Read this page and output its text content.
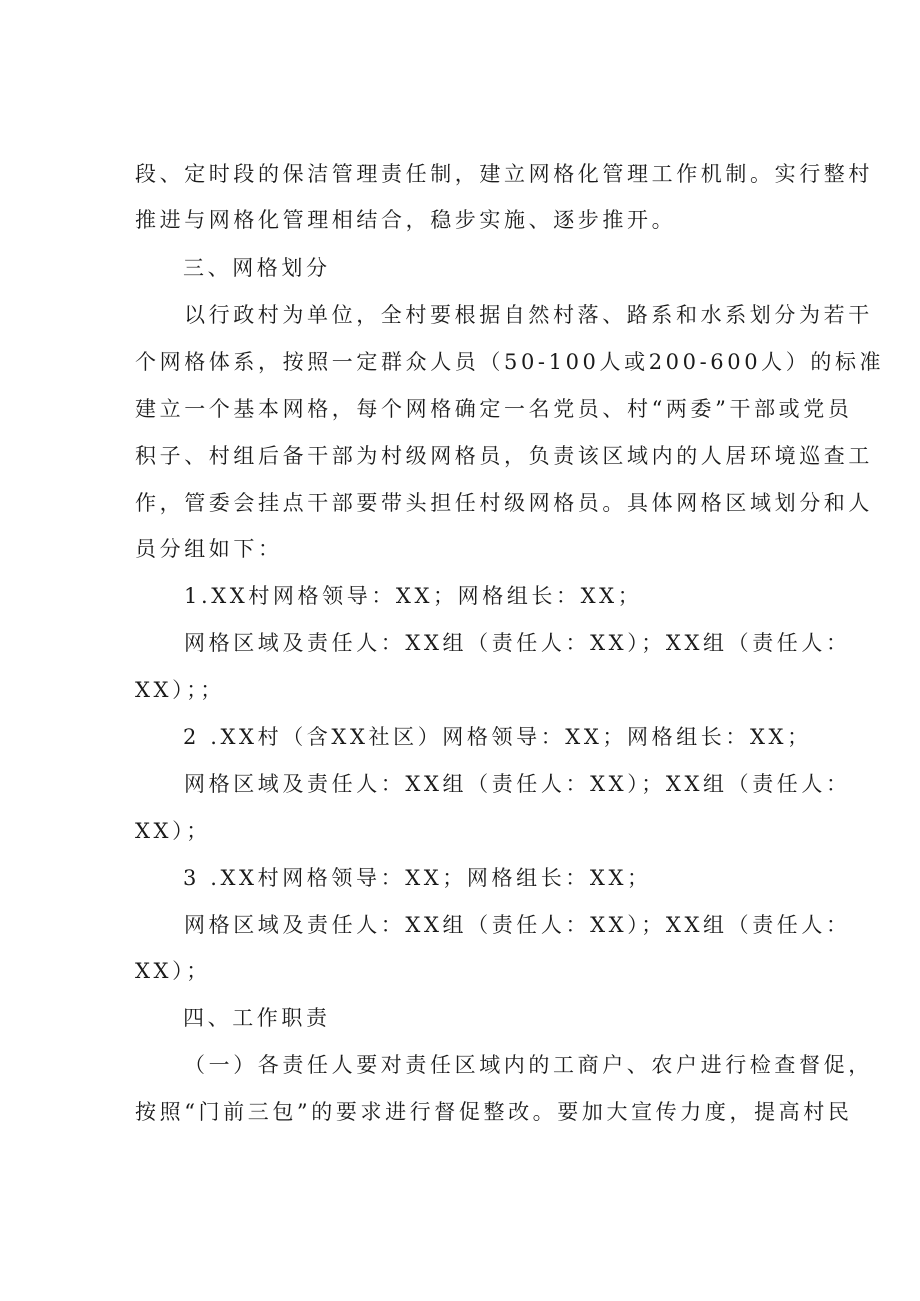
段、定时段的保洁管理责任制，建立网格化管理工作机制。实行整村
推进与网格化管理相结合，稳步实施、逐步推开。
三、网格划分
以行政村为单位，全村要根据自然村落、路系和水系划分为若干
个网格体系，按照一定群众人员（50-100人或200-600人）的标准
建立一个基本网格，每个网格确定一名党员、村“两委”干部或党员
积子、村组后备干部为村级网格员，负责该区域内的人居环境巡查工
作，管委会挂点干部要带头担任村级网格员。具体网格区域划分和人
员分组如下：
1.XX村网格领导：XX；网格组长：XX；
网格区域及责任人：XX组（责任人：XX）；XX组（责任人：
XX）；；
2 .XX村（含XX社区）网格领导：XX；网格组长：XX；
网格区域及责任人：XX组（责任人：XX）；XX组（责任人：
XX）；
3 .XX村网格领导：XX；网格组长：XX；
网格区域及责任人：XX组（责任人：XX）；XX组（责任人：
XX）；
四、工作职责
（一）各责任人要对责任区域内的工商户、农户进行检查督促，
按照“门前三包”的要求进行督促整改。要加大宣传力度，提高村民
